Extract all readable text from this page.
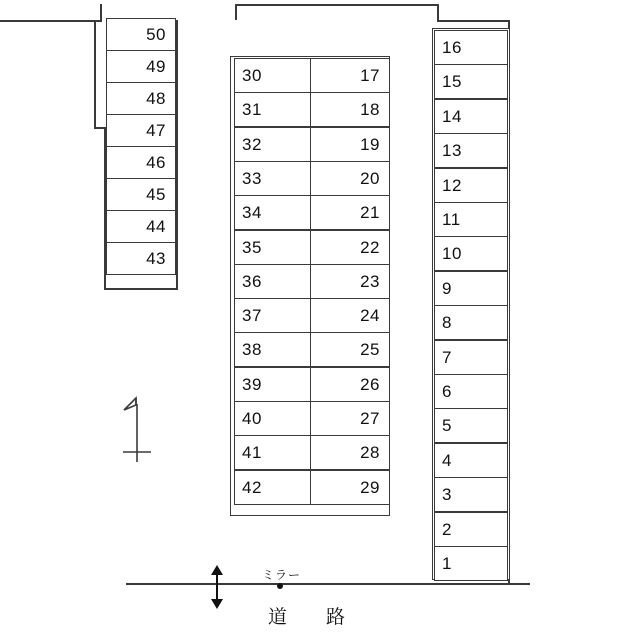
50
49
48
47
46
45
44
43
30
31
32
33
34
35
36
37
38
39
40
41
42
17
18
19
20
21
22
23
24
25
26
27
28
29
16
15
14
13
12
11
10
9
8
7
6
5
4
3
2
1
ミラー
道　路
